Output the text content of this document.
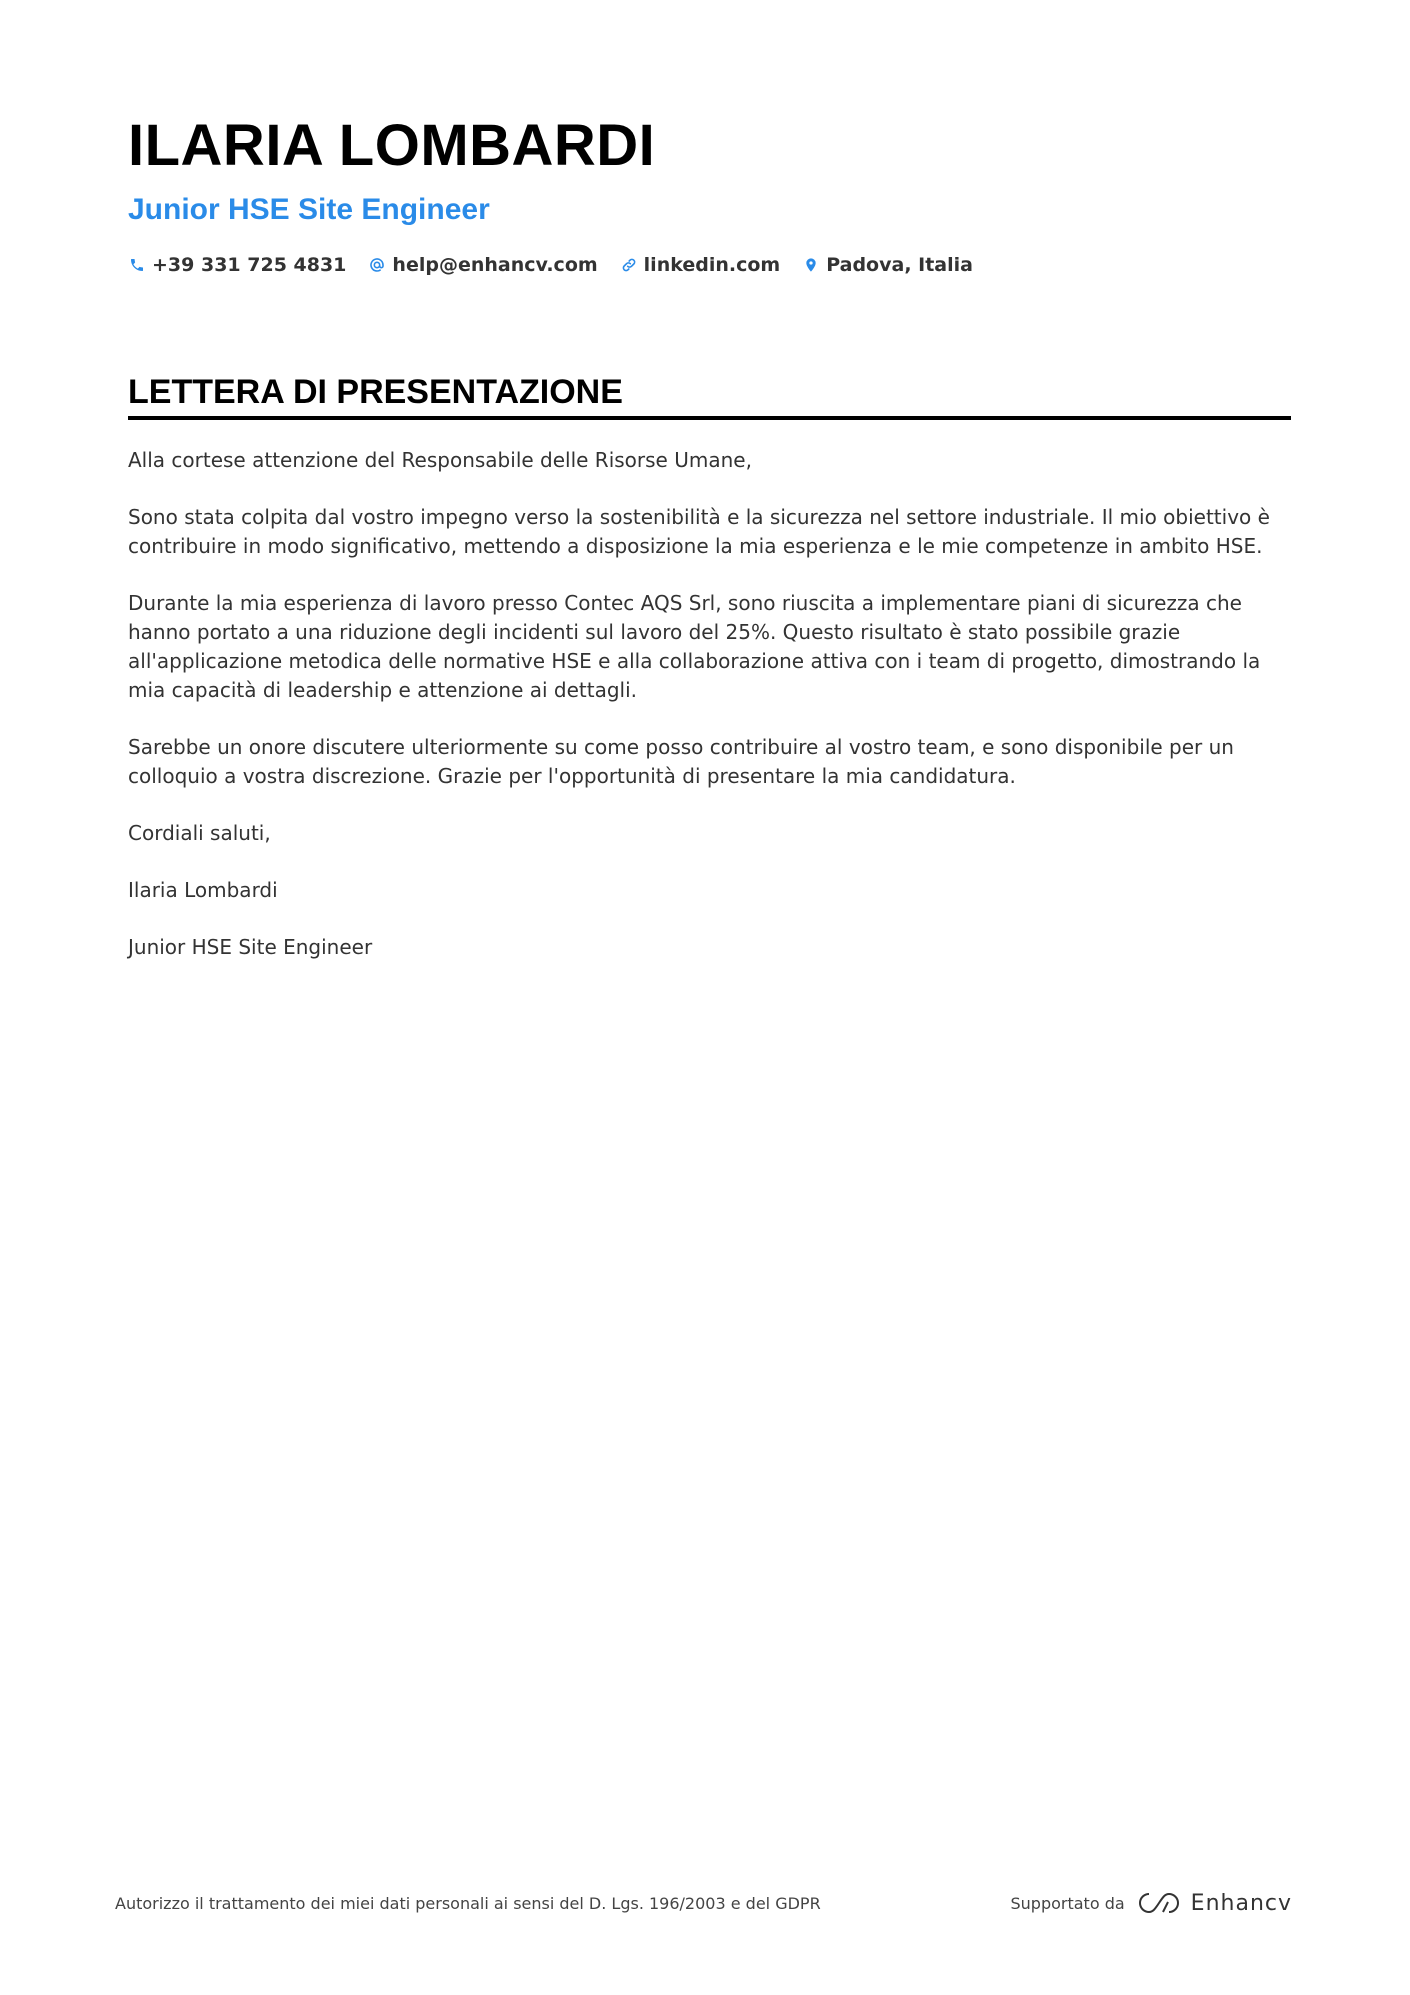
ILARIA LOMBARDI
Junior HSE Site Engineer
+39 331 725 4831 help@enhancv.com linkedin.com Padova, Italia
LETTERA DI PRESENTAZIONE

Alla cortese attenzione del Responsabile delle Risorse Umane,

Sono stata colpita dal vostro impegno verso la sostenibilità e la sicurezza nel settore industriale. Il mio obiettivo è contribuire in modo significativo, mettendo a disposizione la mia esperienza e le mie competenze in ambito HSE.

Durante la mia esperienza di lavoro presso Contec AQS Srl, sono riuscita a implementare piani di sicurezza che hanno portato a una riduzione degli incidenti sul lavoro del 25%. Questo risultato è stato possibile grazie all'applicazione metodica delle normative HSE e alla collaborazione attiva con i team di progetto, dimostrando la mia capacità di leadership e attenzione ai dettagli.

Sarebbe un onore discutere ulteriormente su come posso contribuire al vostro team, e sono disponibile per un colloquio a vostra discrezione. Grazie per l'opportunità di presentare la mia candidatura.

Cordiali saluti,

Ilaria Lombardi

Junior HSE Site Engineer

Autorizzo il trattamento dei miei dati personali ai sensi del D. Lgs. 196/2003 e del GDPR	Supportato da	Enhancv
